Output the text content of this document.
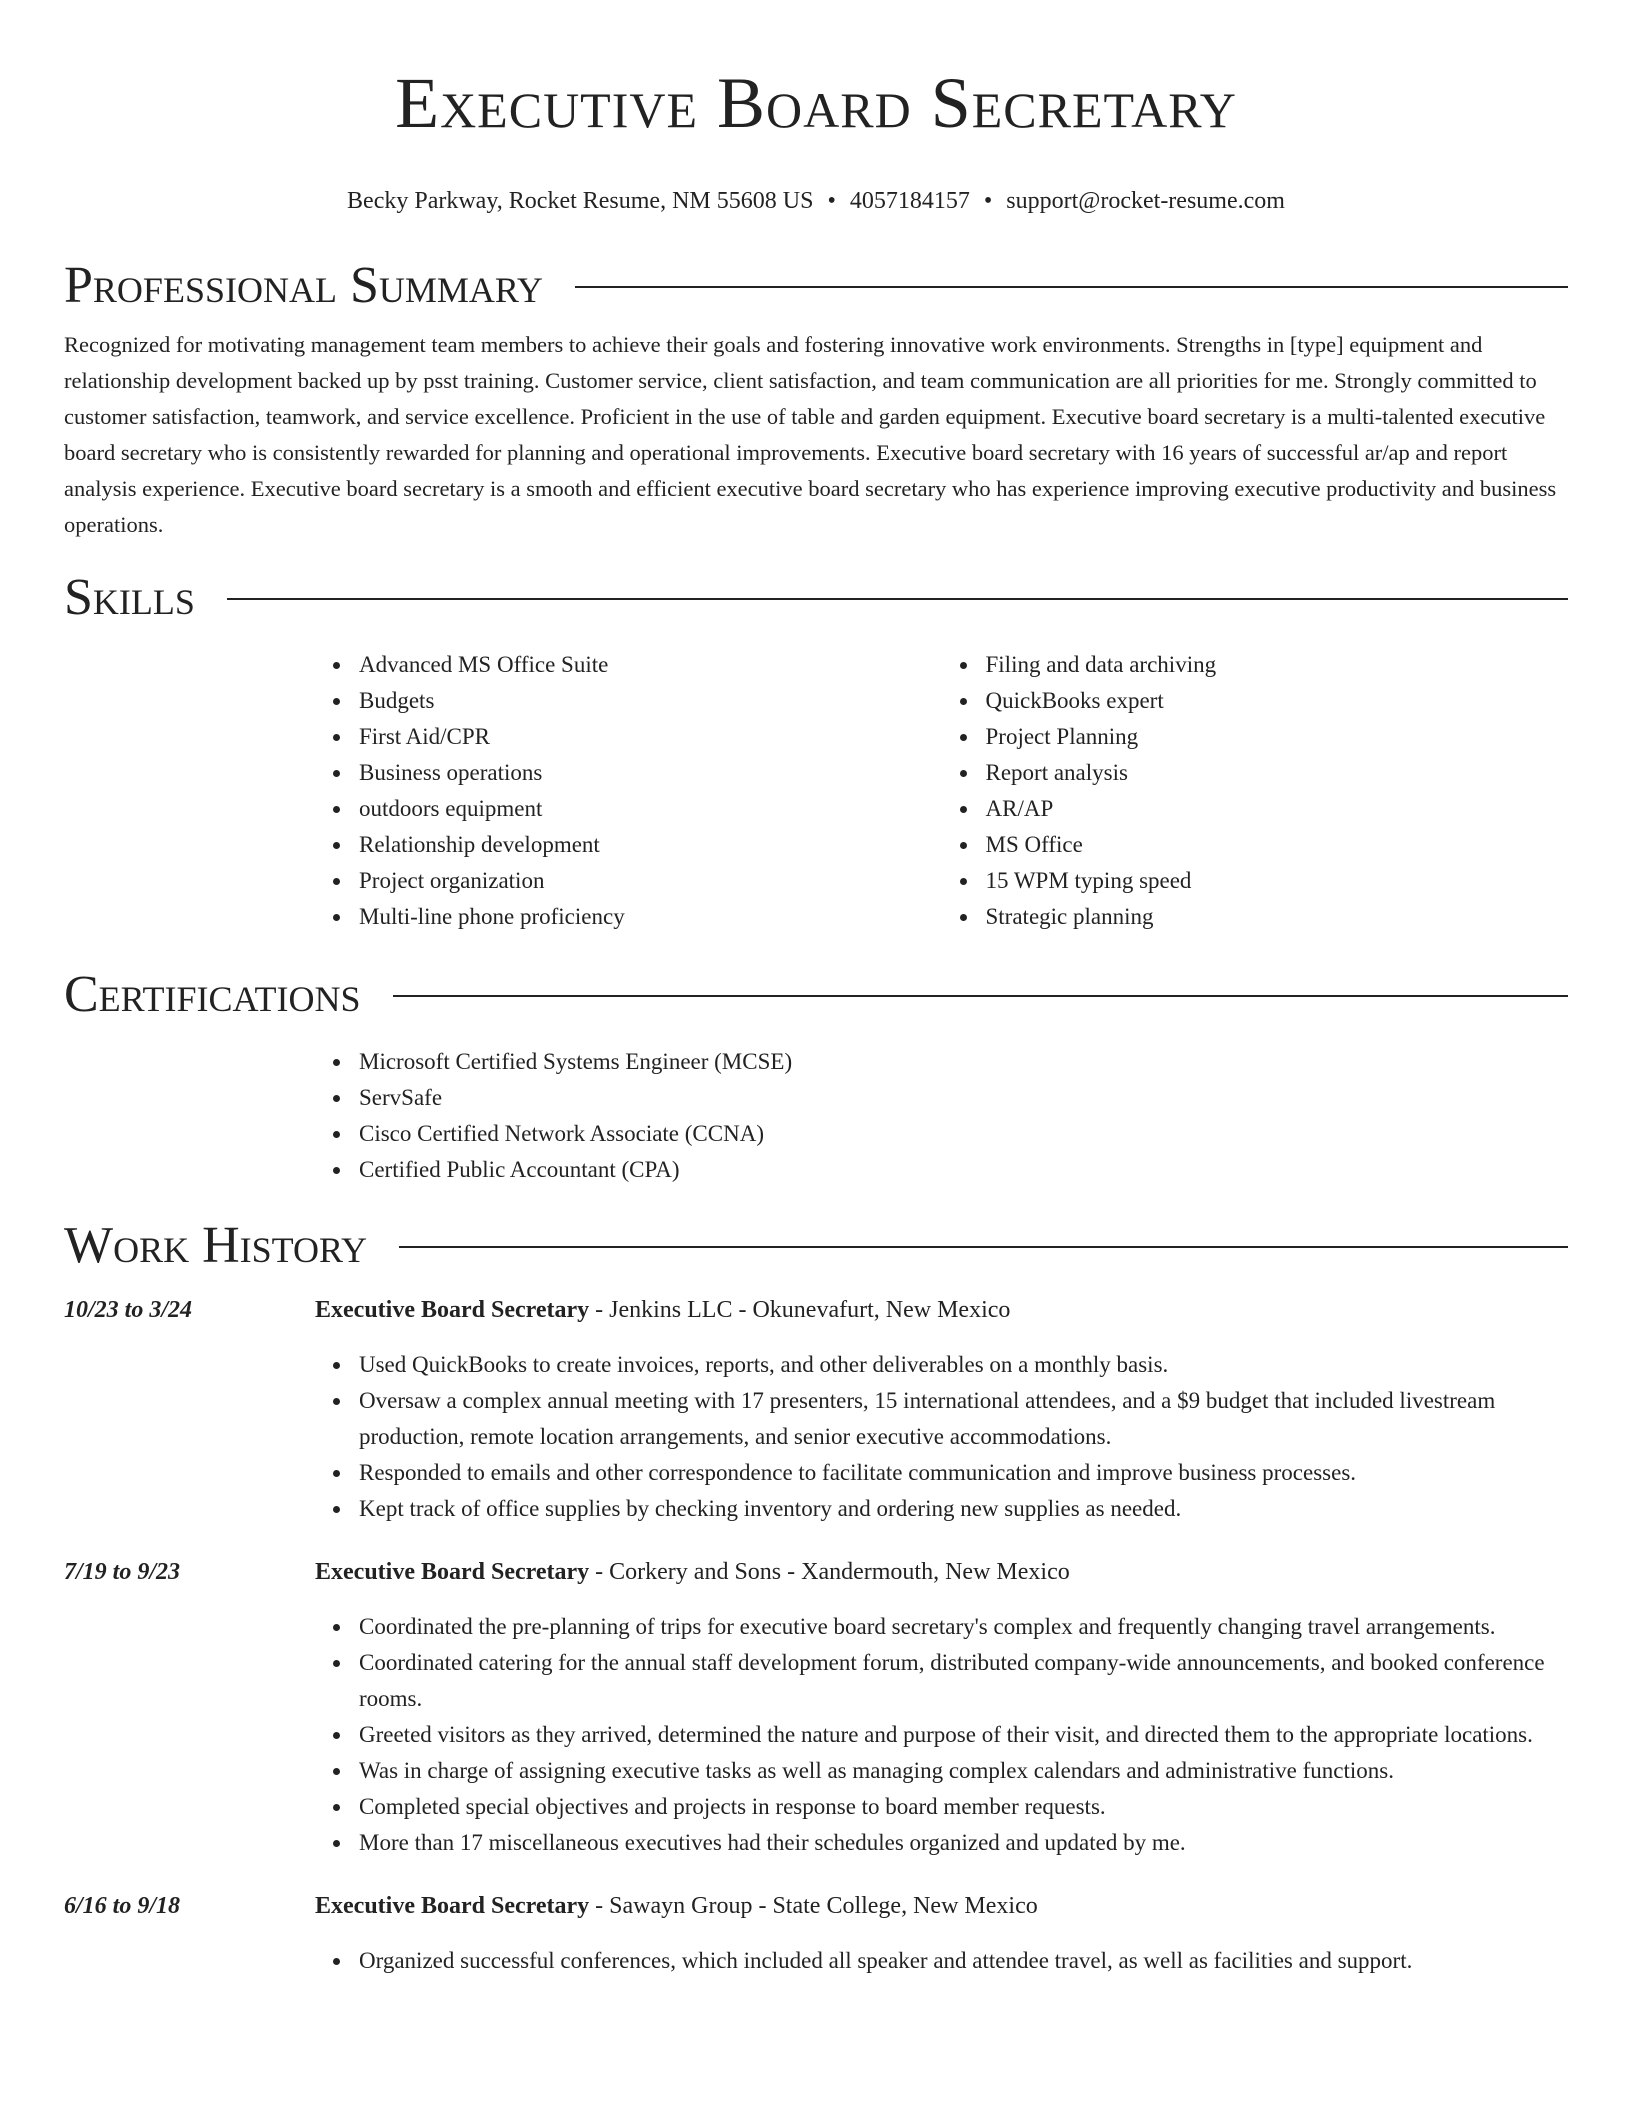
Executive Board Secretary
Becky Parkway, Rocket Resume, NM 55608 US • 4057184157 • support@rocket-resume.com
Professional Summary

Recognized for motivating management team members to achieve their goals and fostering innovative work environments. Strengths in [type] equipment and relationship development backed up by psst training. Customer service, client satisfaction, and team communication are all priorities for me. Strongly committed to customer satisfaction, teamwork, and service excellence. Proficient in the use of table and garden equipment. Executive board secretary is a multi-talented executive board secretary who is consistently rewarded for planning and operational improvements. Executive board secretary with 16 years of successful ar/ap and report analysis experience. Executive board secretary is a smooth and efficient executive board secretary who has experience improving executive productivity and business operations.

Skills
Advanced MS Office Suite
Budgets
First Aid/CPR
Business operations
outdoors equipment
Relationship development
Project organization
Multi-line phone proficiency
Filing and data archiving
QuickBooks expert
Project Planning
Report analysis
AR/AP
MS Office
15 WPM typing speed
Strategic planning
Certifications
Microsoft Certified Systems Engineer (MCSE)
ServSafe
Cisco Certified Network Associate (CCNA)
Certified Public Accountant (CPA)
Work History
10/23 to 3/24	Executive Board Secretary - Jenkins LLC - Okunevafurt, New Mexico
Used QuickBooks to create invoices, reports, and other deliverables on a monthly basis.
Oversaw a complex annual meeting with 17 presenters, 15 international attendees, and a $9 budget that included livestream production, remote location arrangements, and senior executive accommodations.
Responded to emails and other correspondence to facilitate communication and improve business processes.
Kept track of office supplies by checking inventory and ordering new supplies as needed.
7/19 to 9/23	Executive Board Secretary - Corkery and Sons - Xandermouth, New Mexico
Coordinated the pre-planning of trips for executive board secretary's complex and frequently changing travel arrangements.
Coordinated catering for the annual staff development forum, distributed company-wide announcements, and booked conference rooms.
Greeted visitors as they arrived, determined the nature and purpose of their visit, and directed them to the appropriate locations.
Was in charge of assigning executive tasks as well as managing complex calendars and administrative functions.
Completed special objectives and projects in response to board member requests.
More than 17 miscellaneous executives had their schedules organized and updated by me.
6/16 to 9/18	Executive Board Secretary - Sawayn Group - State College, New Mexico
Organized successful conferences, which included all speaker and attendee travel, as well as facilities and support.
